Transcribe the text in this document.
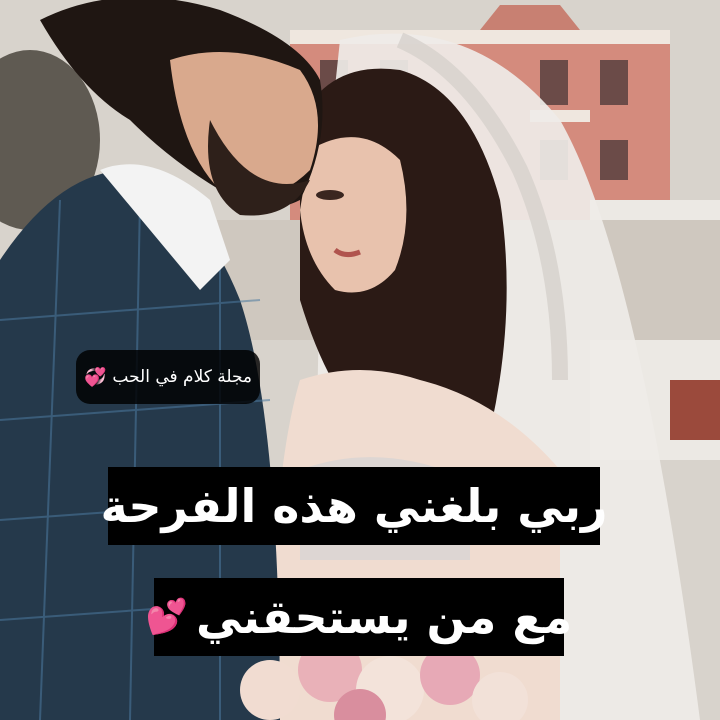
مجلة كلام في الحب
💞
ربي بلغني هذه الفرحة
مع من يستحقني
💕
